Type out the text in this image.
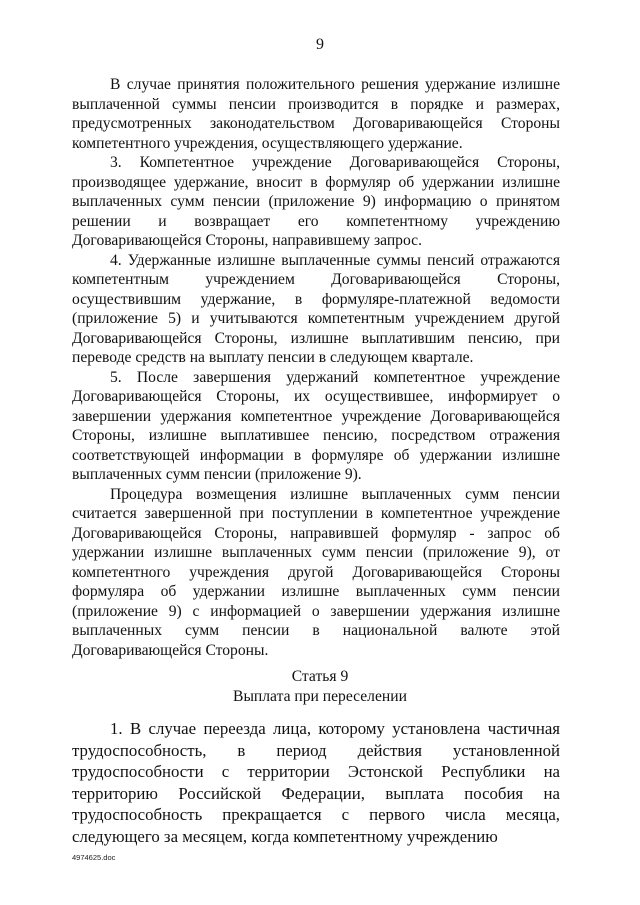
9

В случае принятия положительного решения удержание излишне выплаченной суммы пенсии производится в порядке и размерах, предусмотренных законодательством Договаривающейся Стороны компетентного учреждения, осуществляющего удержание.

3. Компетентное учреждение Договаривающейся Стороны, производящее удержание, вносит в формуляр об удержании излишне выплаченных сумм пенсии (приложение 9) информацию о принятом решении и возвращает его компетентному учреждению Договаривающейся Стороны, направившему запрос.

4. Удержанные излишне выплаченные суммы пенсий отражаются компетентным учреждением Договаривающейся Стороны, осуществившим удержание, в формуляре-платежной ведомости (приложение 5) и учитываются компетентным учреждением другой Договаривающейся Стороны, излишне выплатившим пенсию, при переводе средств на выплату пенсии в следующем квартале.

5. После завершения удержаний компетентное учреждение Договаривающейся Стороны, их осуществившее, информирует о завершении удержания компетентное учреждение Договаривающейся Стороны, излишне выплатившее пенсию, посредством отражения соответствующей информации в формуляре об удержании излишне выплаченных сумм пенсии (приложение 9).

Процедура возмещения излишне выплаченных сумм пенсии считается завершенной при поступлении в компетентное учреждение Договаривающейся Стороны, направившей формуляр - запрос об удержании излишне выплаченных сумм пенсии (приложение 9), от компетентного учреждения другой Договаривающейся Стороны формуляра об удержании излишне выплаченных сумм пенсии (приложение 9) с информацией о завершении удержания излишне выплаченных сумм пенсии в национальной валюте этой Договаривающейся Стороны.

Статья 9
Выплата при переселении

1. В случае переезда лица, которому установлена частичная трудоспособность, в период действия установленной трудоспособности с территории Эстонской Республики на территорию Российской Федерации, выплата пособия на трудоспособность прекращается с первого числа месяца, следующего за месяцем, когда компетентному учреждению

4974625.doc
